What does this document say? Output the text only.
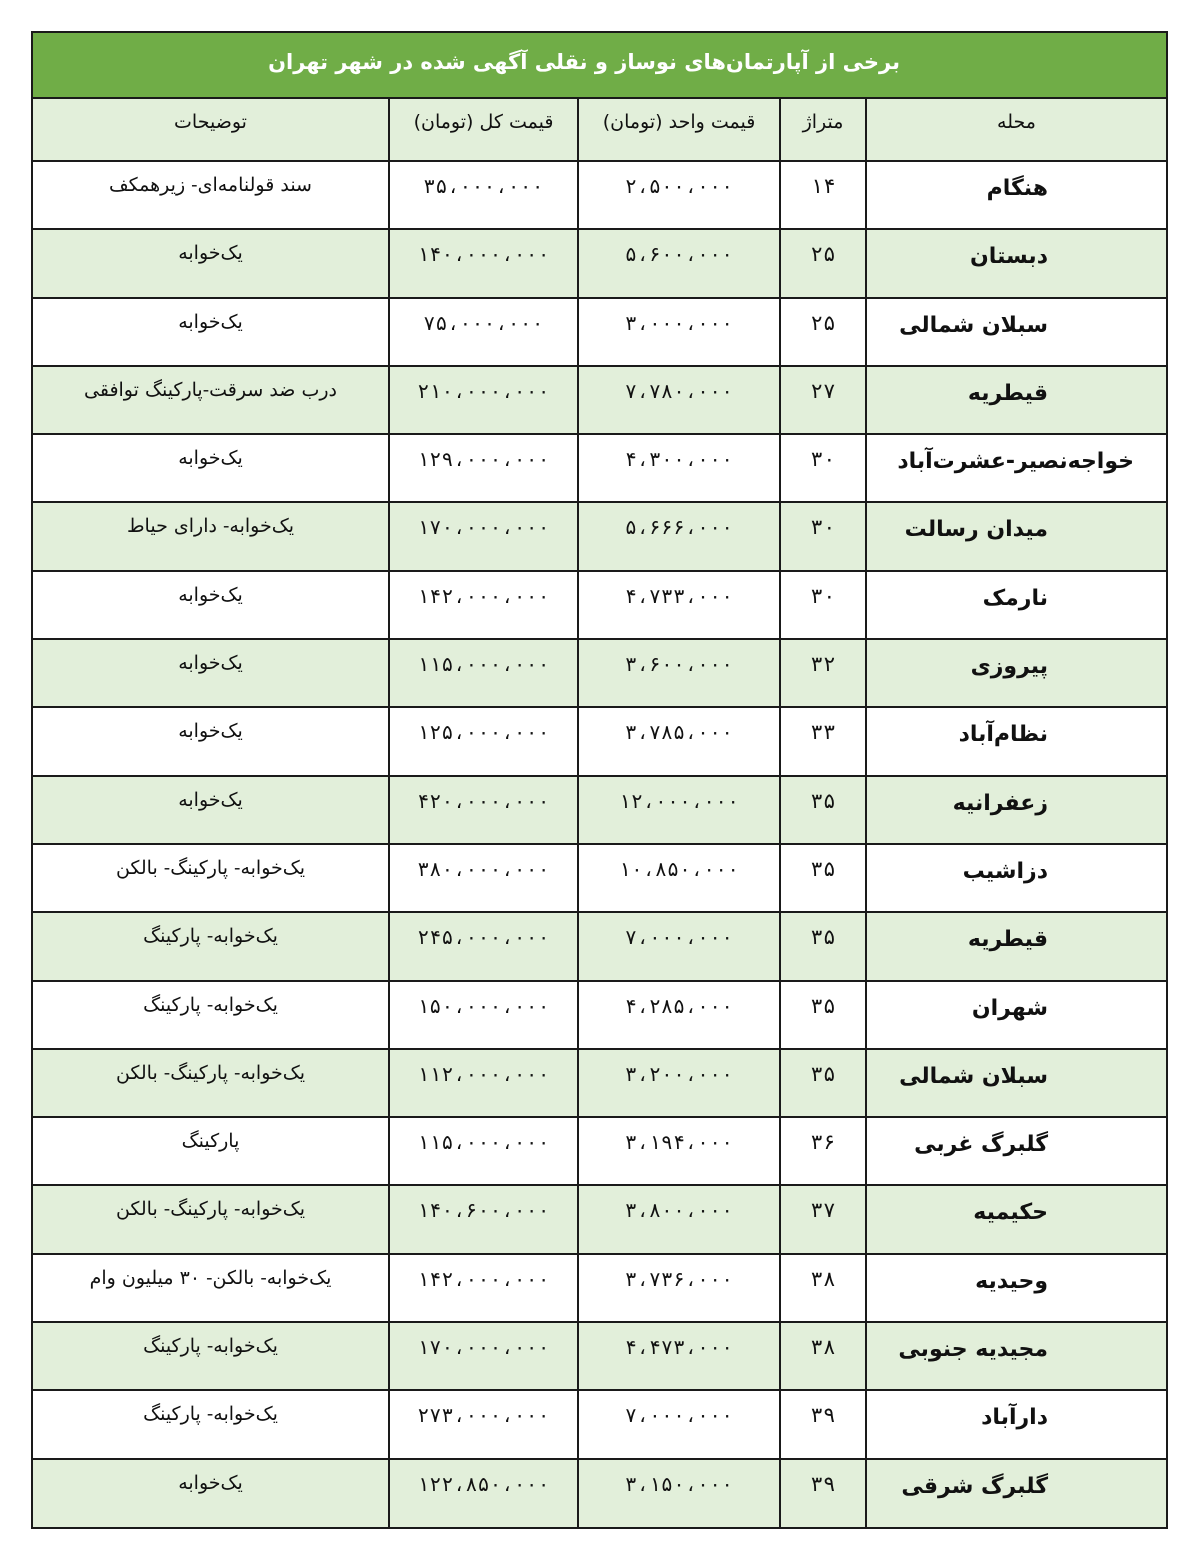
برخی از آپارتمان‌های نوساز و نقلی آگهی شده در شهر تهران
محله	متراژ	قیمت واحد (تومان)	قیمت کل (تومان)	توضیحات
هنگام	۱۴	۲،۵۰۰،۰۰۰	۳۵،۰۰۰،۰۰۰	سند قولنامه‌ای- زیرهمکف
دبستان	۲۵	۵،۶۰۰،۰۰۰	۱۴۰،۰۰۰،۰۰۰	یک‌خوابه
سبلان شمالی	۲۵	۳،۰۰۰،۰۰۰	۷۵،۰۰۰،۰۰۰	یک‌خوابه
قیطریه	۲۷	۷،۷۸۰،۰۰۰	۲۱۰،۰۰۰،۰۰۰	درب ضد سرقت-پارکینگ توافقی
خواجه‌نصیر-عشرت‌آباد	۳۰	۴،۳۰۰،۰۰۰	۱۲۹،۰۰۰،۰۰۰	یک‌خوابه
میدان رسالت	۳۰	۵،۶۶۶،۰۰۰	۱۷۰،۰۰۰،۰۰۰	یک‌خوابه- دارای حیاط
نارمک	۳۰	۴،۷۳۳،۰۰۰	۱۴۲،۰۰۰،۰۰۰	یک‌خوابه
پیروزی	۳۲	۳،۶۰۰،۰۰۰	۱۱۵،۰۰۰،۰۰۰	یک‌خوابه
نظام‌آباد	۳۳	۳،۷۸۵،۰۰۰	۱۲۵،۰۰۰،۰۰۰	یک‌خوابه
زعفرانیه	۳۵	۱۲،۰۰۰،۰۰۰	۴۲۰،۰۰۰،۰۰۰	یک‌خوابه
دزاشیب	۳۵	۱۰،۸۵۰،۰۰۰	۳۸۰،۰۰۰،۰۰۰	یک‌خوابه- پارکینگ- بالکن
قیطریه	۳۵	۷،۰۰۰،۰۰۰	۲۴۵،۰۰۰،۰۰۰	یک‌خوابه- پارکینگ
شهران	۳۵	۴،۲۸۵،۰۰۰	۱۵۰،۰۰۰،۰۰۰	یک‌خوابه- پارکینگ
سبلان شمالی	۳۵	۳،۲۰۰،۰۰۰	۱۱۲،۰۰۰،۰۰۰	یک‌خوابه- پارکینگ- بالکن
گلبرگ غربی	۳۶	۳،۱۹۴،۰۰۰	۱۱۵،۰۰۰،۰۰۰	پارکینگ
حکیمیه	۳۷	۳،۸۰۰،۰۰۰	۱۴۰،۶۰۰،۰۰۰	یک‌خوابه- پارکینگ- بالکن
وحیدیه	۳۸	۳،۷۳۶،۰۰۰	۱۴۲،۰۰۰،۰۰۰	یک‌خوابه- بالکن- ۳۰ میلیون وام
مجیدیه جنوبی	۳۸	۴،۴۷۳،۰۰۰	۱۷۰،۰۰۰،۰۰۰	یک‌خوابه- پارکینگ
دارآباد	۳۹	۷،۰۰۰،۰۰۰	۲۷۳،۰۰۰،۰۰۰	یک‌خوابه- پارکینگ
گلبرگ شرقی	۳۹	۳،۱۵۰،۰۰۰	۱۲۲،۸۵۰،۰۰۰	یک‌خوابه
